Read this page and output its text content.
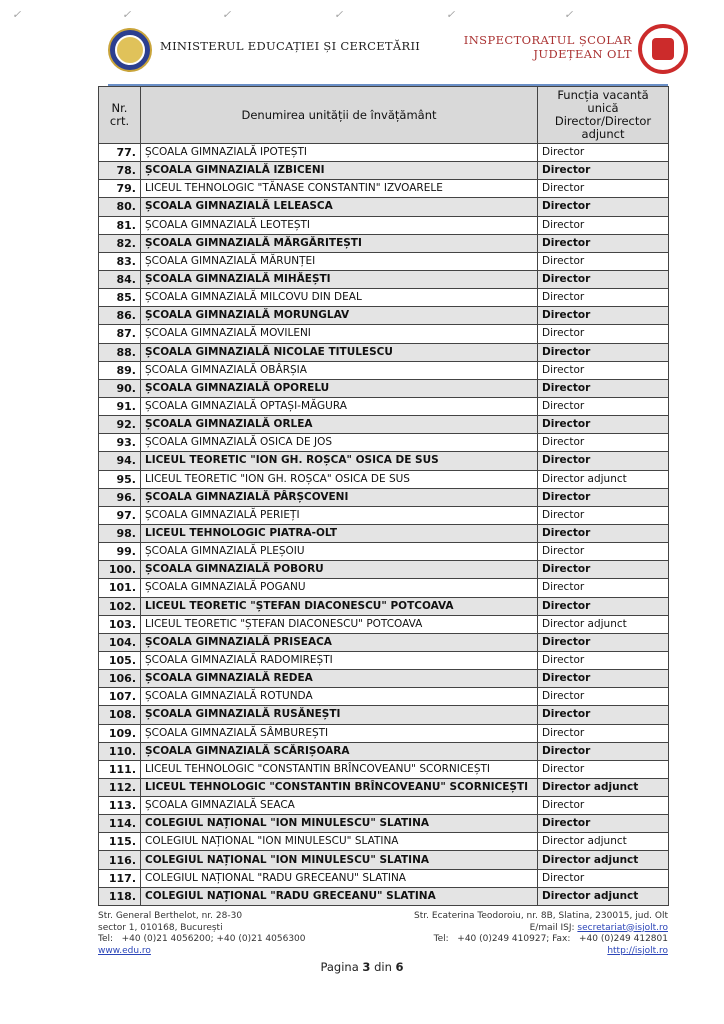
✓	✓	✓	✓	✓	✓
MINISTERUL EDUCAȚIEI ȘI CERCETĂRII	INSPECTORATUL ȘCOLAR
JUDEȚEAN OLT
Nr.
crt.	Denumirea unității de învățământ	Funcția vacantă unică Director/Director adjunct
77.	ȘCOALA GIMNAZIALĂ IPOTEȘTI	Director
78.	ȘCOALA GIMNAZIALĂ IZBICENI	Director
79.	LICEUL TEHNOLOGIC "TĂNASE CONSTANTIN" IZVOARELE	Director
80.	ȘCOALA GIMNAZIALĂ LELEASCA	Director
81.	ȘCOALA GIMNAZIALĂ LEOTEȘTI	Director
82.	ȘCOALA GIMNAZIALĂ MĂRGĂRITEȘTI	Director
83.	ȘCOALA GIMNAZIALĂ MĂRUNȚEI	Director
84.	ȘCOALA GIMNAZIALĂ MIHĂEȘTI	Director
85.	ȘCOALA GIMNAZIALĂ MILCOVU DIN DEAL	Director
86.	ȘCOALA GIMNAZIALĂ MORUNGLAV	Director
87.	ȘCOALA GIMNAZIALĂ MOVILENI	Director
88.	ȘCOALA GIMNAZIALĂ NICOLAE TITULESCU	Director
89.	ȘCOALA GIMNAZIALĂ OBÂRȘIA	Director
90.	ȘCOALA GIMNAZIALĂ OPORELU	Director
91.	ȘCOALA GIMNAZIALĂ OPTAȘI-MĂGURA	Director
92.	ȘCOALA GIMNAZIALĂ ORLEA	Director
93.	ȘCOALA GIMNAZIALĂ OSICA DE JOS	Director
94.	LICEUL TEORETIC "ION GH. ROȘCA" OSICA DE SUS	Director
95.	LICEUL TEORETIC "ION GH. ROȘCA" OSICA DE SUS	Director adjunct
96.	ȘCOALA GIMNAZIALĂ PÂRȘCOVENI	Director
97.	ȘCOALA GIMNAZIALĂ PERIEȚI	Director
98.	LICEUL TEHNOLOGIC PIATRA-OLT	Director
99.	ȘCOALA GIMNAZIALĂ PLEȘOIU	Director
100.	ȘCOALA GIMNAZIALĂ POBORU	Director
101.	ȘCOALA GIMNAZIALĂ POGANU	Director
102.	LICEUL TEORETIC "ȘTEFAN DIACONESCU" POTCOAVA	Director
103.	LICEUL TEORETIC "ȘTEFAN DIACONESCU" POTCOAVA	Director adjunct
104.	ȘCOALA GIMNAZIALĂ PRISEACA	Director
105.	ȘCOALA GIMNAZIALĂ RADOMIREȘTI	Director
106.	ȘCOALA GIMNAZIALĂ REDEA	Director
107.	ȘCOALA GIMNAZIALĂ ROTUNDA	Director
108.	ȘCOALA GIMNAZIALĂ RUSĂNEȘTI	Director
109.	ȘCOALA GIMNAZIALĂ SÂMBUREȘTI	Director
110.	ȘCOALA GIMNAZIALĂ SCĂRIȘOARA	Director
111.	LICEUL TEHNOLOGIC "CONSTANTIN BRÎNCOVEANU" SCORNICEȘTI	Director
112.	LICEUL TEHNOLOGIC "CONSTANTIN BRÎNCOVEANU" SCORNICEȘTI	Director adjunct
113.	ȘCOALA GIMNAZIALĂ SEACA	Director
114.	COLEGIUL NAȚIONAL "ION MINULESCU" SLATINA	Director
115.	COLEGIUL NAȚIONAL "ION MINULESCU" SLATINA	Director adjunct
116.	COLEGIUL NAȚIONAL "ION MINULESCU" SLATINA	Director adjunct
117.	COLEGIUL NAȚIONAL "RADU GRECEANU" SLATINA	Director
118.	COLEGIUL NAȚIONAL "RADU GRECEANU" SLATINA	Director adjunct
Str. General Berthelot, nr. 28-30
sector 1, 010168, București
Tel:   +40 (0)21 4056200; +40 (0)21 4056300
www.edu.ro
Str. Ecaterina Teodoroiu, nr. 8B, Slatina, 230015, jud. Olt
E/mail ISJ: secretariat@isjolt.ro
Tel:   +40 (0)249 410927; Fax:   +40 (0)249 412801
http://isjolt.ro
Pagina 3 din 6
